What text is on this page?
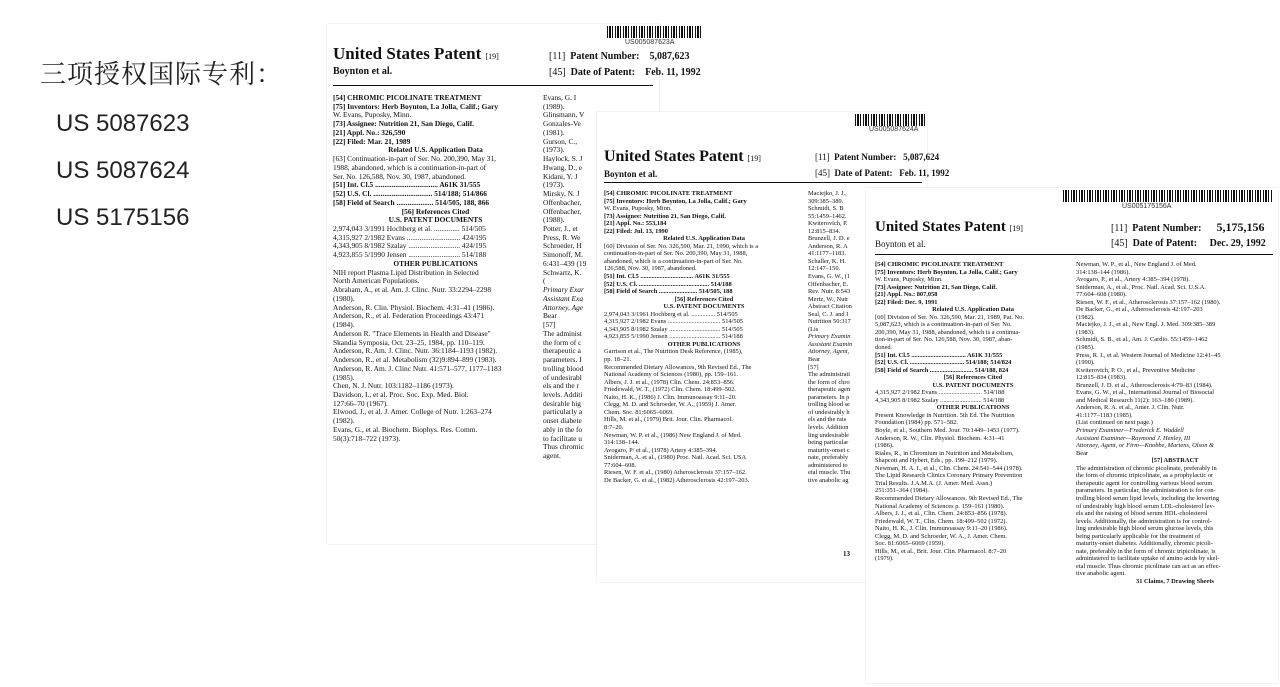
三项授权国际专利：
US 5087623
US 5087624
US 5175156
US005087623A
United States Patent [19]
Boynton et al.
[11] Patent Number: 5,087,623
[45] Date of Patent: Feb. 11, 1992
[54] CHROMIC PICOLINATE TREATMENT
[75] Inventors: Herb Boynton, La Jolla, Calif.; Gary
W. Evans, Puposky, Minn.
[73] Assignee: Nutrition 21, San Diego, Calif.
[21] Appl. No.: 326,590
[22] Filed: Mar. 21, 1989
Related U.S. Application Data
[63] Continuation-in-part of Ser. No. 200,390, May 31,
1988, abandoned, which is a continuation-in-part of
Ser. No. 126,588, Nov. 30, 1987, abandoned.
[51] Int. Cl.5 .................................. A61K 31/555
[52] U.S. Cl. ................................ 514/188; 514/866
[58] Field of Search .................... 514/505, 188, 866
[56] References Cited
U.S. PATENT DOCUMENTS
2,974,043 3/1991 Hochberg et al. .............. 514/505
4,315,927 2/1982 Evans ............................. 424/195
4,343,905 8/1982 Szalay ............................ 424/195
4,923,855 5/1990 Jensen ............................ 514/188
OTHER PUBLICATIONS
NIH report Plasma Lipid Distribution in Selected
North American Populations.
Abraham, A., et al. Am. J. Clinc. Nutr. 33:2294–2298
(1980).
Anderson, R. Clin. Physiol. Biochem. 4:31–41 (1986).
Anderson, R., et al. Federation Proceedings 43:471
(1984).
Anderson R. "Trace Elements in Health and Disease"
Skandia Symposia, Oct. 23–25, 1984, pp. 110–119.
Anderson, R. Am. J. Clinc. Nutr. 36:1184–1193 (1982).
Anderson, R., et al. Metabolism (32)9:894–899 (1983).
Anderson, R. Am. J. Clinc Nutr. 41:571–577, 1177–1183
(1985).
Chen, N. J. Nutr. 103:1182–1186 (1973).
Davidson, I., et al. Proc. Soc. Exp. Med. Biol.
127:66–70 (1967).
Elwood, J., et al. J. Amer. College of Nutr. 1:263–274
(1982).
Evans, G., et al. Biochem. Biophys. Res. Comm.
50(3):718–722 (1973).
Evans, G. I
(1989).
Glinsmann, V
Gonzales-Ve
(1981).
Gurson, C.,
(1973).
Haylock, S. J
Hwang, D., e
Kidani, Y. J
(1973).
Mirsky, N. J
Offenbacher,
Offenbacher,
(1988).
Potter, J., et
Press, R. We
Schroeder, H
Simonoff, M.
6:431–439 (19
Schwartz, K.
(
Primary Exar
Assistant Exa
Attorney, Age
Bear
[57]
The administ
the form of c
therapeutic a
parameters. I
trolling blood
of undesirabl
els and the r
levels. Additi
desirable hig
particularly a
onset diabete
ably in the fo
to facilitate u
Thus chromic
agent.
US005087624A
United States Patent [19]
Boynton et al.
[11] Patent Number: 5,087,624
[45] Date of Patent: Feb. 11, 1992
[54] CHROMIC PICOLINATE TREATMENT
[75] Inventors: Herb Boynton, La Jolla, Calif.; Gary
W. Evans, Puposky, Minn.
[73] Assignee: Nutrition 21, San Diego, Calif.
[21] Appl. No.: 553,184
[22] Filed: Jul. 13, 1990
Related U.S. Application Data
[60] Division of Ser. No. 326,590, Mar. 21, 1990, which is a
continuation-in-part of Ser. No. 200,390, May 31, 1988,
abandoned, which is a continuation-in-part of Ser. No.
126,588, Nov. 30, 1987, abandoned.
[51] Int. Cl.5 ................................. A61K 31/555
[52] U.S. Cl. ............................................ 514/188
[58] Field of Search ........................ 514/505, 188
[56] References Cited
U.S. PATENT DOCUMENTS
2,974,043 3/1961 Hochberg et al. ............... 514/505
4,315,927 2/1982 Evans ................................. 514/505
4,343,905 8/1982 Szalay ................................ 514/505
4,923,855 5/1990 Jensen ................................ 514/188
OTHER PUBLICATIONS
Garrison et al., The Nutrition Desk Reference, (1985),
pp. 18–21.
Recommended Dietary Allowances, 9th Revised Ed., The
National Academy of Sciences (1980), pp. 159–161.
Albers, J. J. et al., (1978) Clin. Chem. 24:853–856.
Friedewald, W. T., (1972) Clin. Chem. 18:499–502.
Naito, H. K., (1986) J. Clin. Immunoassay 9:11–20.
Clegg, M. D. and Schroeder, W. A., (1959) J. Amer.
Chem. Soc. 81:6065–6069.
Hills, M. et al., (1979) Brit. Jour. Clin. Pharmacol.
8:7–20.
Newman, W. P. et al., (1986) New England J. of Med.
314:138–144.
Avogaro, P/ et al., (1978) Artery 4:385–394.
Sniderman, A. et al., (1980) Proc. Natl. Acad. Sci. USA
77:604–608.
Riesen, W. F. et al., (1980) Atherosclerosis 37:157–162.
De Backer, G. et al., (1982) Atherosclerosis 42:197–203.
Maciejko, J. J.,
309:385–389.
Schmidt, S. B
55:1459–1462.
Kwiterovich, P.
12:815–834.
Brunzell, J. D. e
Anderson, R. A
41:1177–1183.
Schaller, K. H.
12:147–150.
Evans, G. W., (1
Offenbacher, E.
Rev. Nutr. 8:543
Mertz, W., Nutr
Abstract Citation
Seal, C. J. and I
Nutrition 50:317
(Lis
Primary Examin
Assistant Examin
Attorney, Agent,
Bear
[57]
The administrati
the form of chro
therapeutic agen
parameters. In p
trolling blood se
of undesirably h
els and the rais
levels. Addition
ling undesirable
being particular
maturity-onset c
nate, preferably
administered to
etal muscle. Thu
tive anabolic ag
13
US005175156A
United States Patent [19]
Boynton et al.
[11] Patent Number: 5,175,156
[45] Date of Patent: Dec. 29, 1992
[54] CHROMIC PICOLINATE TREATMENT
[75] Inventors: Herb Boynton, La Jolla, Calif.; Gary
W. Evans, Puposky, Minn.
[73] Assignee: Nutrition 21, San Diego, Calif.
[21] Appl. No.: 807,058
[22] Filed: Dec. 9, 1991
Related U.S. Application Data
[60] Division of Ser. No. 326,590, Mar. 21, 1989, Pat. No.
5,087,623, which is a continuation-in-part of Ser. No.
200,390, May 31, 1988, abandoned, which is a continua-
tion-in-part of Ser. No. 126,588, Nov. 30, 1987, aban-
doned.
[51] Int. Cl.5 .................................. A61K 31/555
[52] U.S. Cl. .................................. 514/188; 514/824
[58] Field of Search ........................... 514/188, 824
[56] References Cited
U.S. PATENT DOCUMENTS
4,315,927 2/1982 Evans ........................... 514/188
4,343,905 8/1982 Szalay .......................... 514/188
OTHER PUBLICATIONS
Present Knowledge in Nutrition. 5th Ed. The Nutrition
Foundation (1984) pp. 571–582.
Boyle, et al., Southern Med. Jour. 70:1449–1453 (1977).
Anderson, R. W., Clin. Physiol. Biochem. 4:31–41
(1986).
Riales, R., in Chromium in Nutrition and Metabolism,
Shapcott and Hybert, Eds., pp. 199–212 (1979).
Newman, H. A. I., et al., Clin. Chem. 24:541–544 (1978).
The Lipid Research Clinics Coronary Primary Prevention
Trial Results. J.A.M.A. (J. Amer. Med. Assn.)
251:351–364 (1984).
Recommended Dietary Allowances. 9th Revised Ed., The
National Academy of Sciences p. 159–161 (1980).
Albers, J. J., et al., Clin. Chem. 24:853–856 (1978).
Friedewald, W. T., Clin. Chem. 18:499–502 (1972).
Naito, H. K., J. Clin. Immunoassay 9:11–20 (1986).
Clegg, M. D. and Schroeder, W. A., J. Amer. Chem.
Soc. 81:6065–6069 (1959).
Hills, M., et al., Brit. Jour. Clin. Pharmacol. 8:7–20
(1979).
Newman, W. P., et al., New England J. of Med.
314:138–144 (1986).
Avogaro, P., et al., Artery 4:385–394 (1978).
Sniderman, A., et al., Proc. Natl. Acad. Sci. U.S.A.
77:604–608 (1980).
Riesen, W. F., et al., Atherosclerosis 37:157–162 (1980).
De Backer, G., et al., Atherosclerosis 42:197–203
(1982).
Maciejko, J. J., et al., New Engl. J. Med. 309:385–389
(1983).
Schmidt, S. B., et al., Am. J. Cardio. 55:1459–1462
(1985).
Press, R. I., et al. Western Journal of Medicine 12:41–45
(1990).
Kwiterovich, P. O., et al., Preventive Medicine
12:815–834 (1983).
Brunzell, J. D. et al., Atherosclerosis 4:79–83 (1984).
Evans, G. W., et al., International Journal of Biosocial
and Medical Research 11(2): 163–180 (1989).
Anderson, R. A. et al., Amer. J. Clin. Nutr.
41:1177–1183 (1985).
(List continued on next page.)
Primary Examiner—Frederick E. Waddell
Assistant Examiner—Raymond J. Henley, III
Attorney, Agent, or Firm—Knobbe, Martens, Olson &
Bear
[57] ABSTRACT
The administration of chromic picolinate, preferably in
the form of chromic tripicolinate, as a prophylactic or
therapeutic agent for controlling various blood serum
parameters. In particular, the administration is for con-
trolling blood serum lipid levels, including the lowering
of undesirably high blood serum LDL-cholesterol lev-
els and the raising of blood serum HDL-cholesterol
levels. Additionally, the administration is for control-
ling undesirable high blood serum glucose levels, this
being particularly applicable for the treatment of
maturity-onset diabetes. Additionally, chromic picoli-
nate, preferably in the form of chromic tripicolinate, is
administered to facilitate uptake of amino acids by skel-
etal muscle. Thus chromic picolinate can act as an effec-
tive anabolic agent.
31 Claims, 7 Drawing Sheets
